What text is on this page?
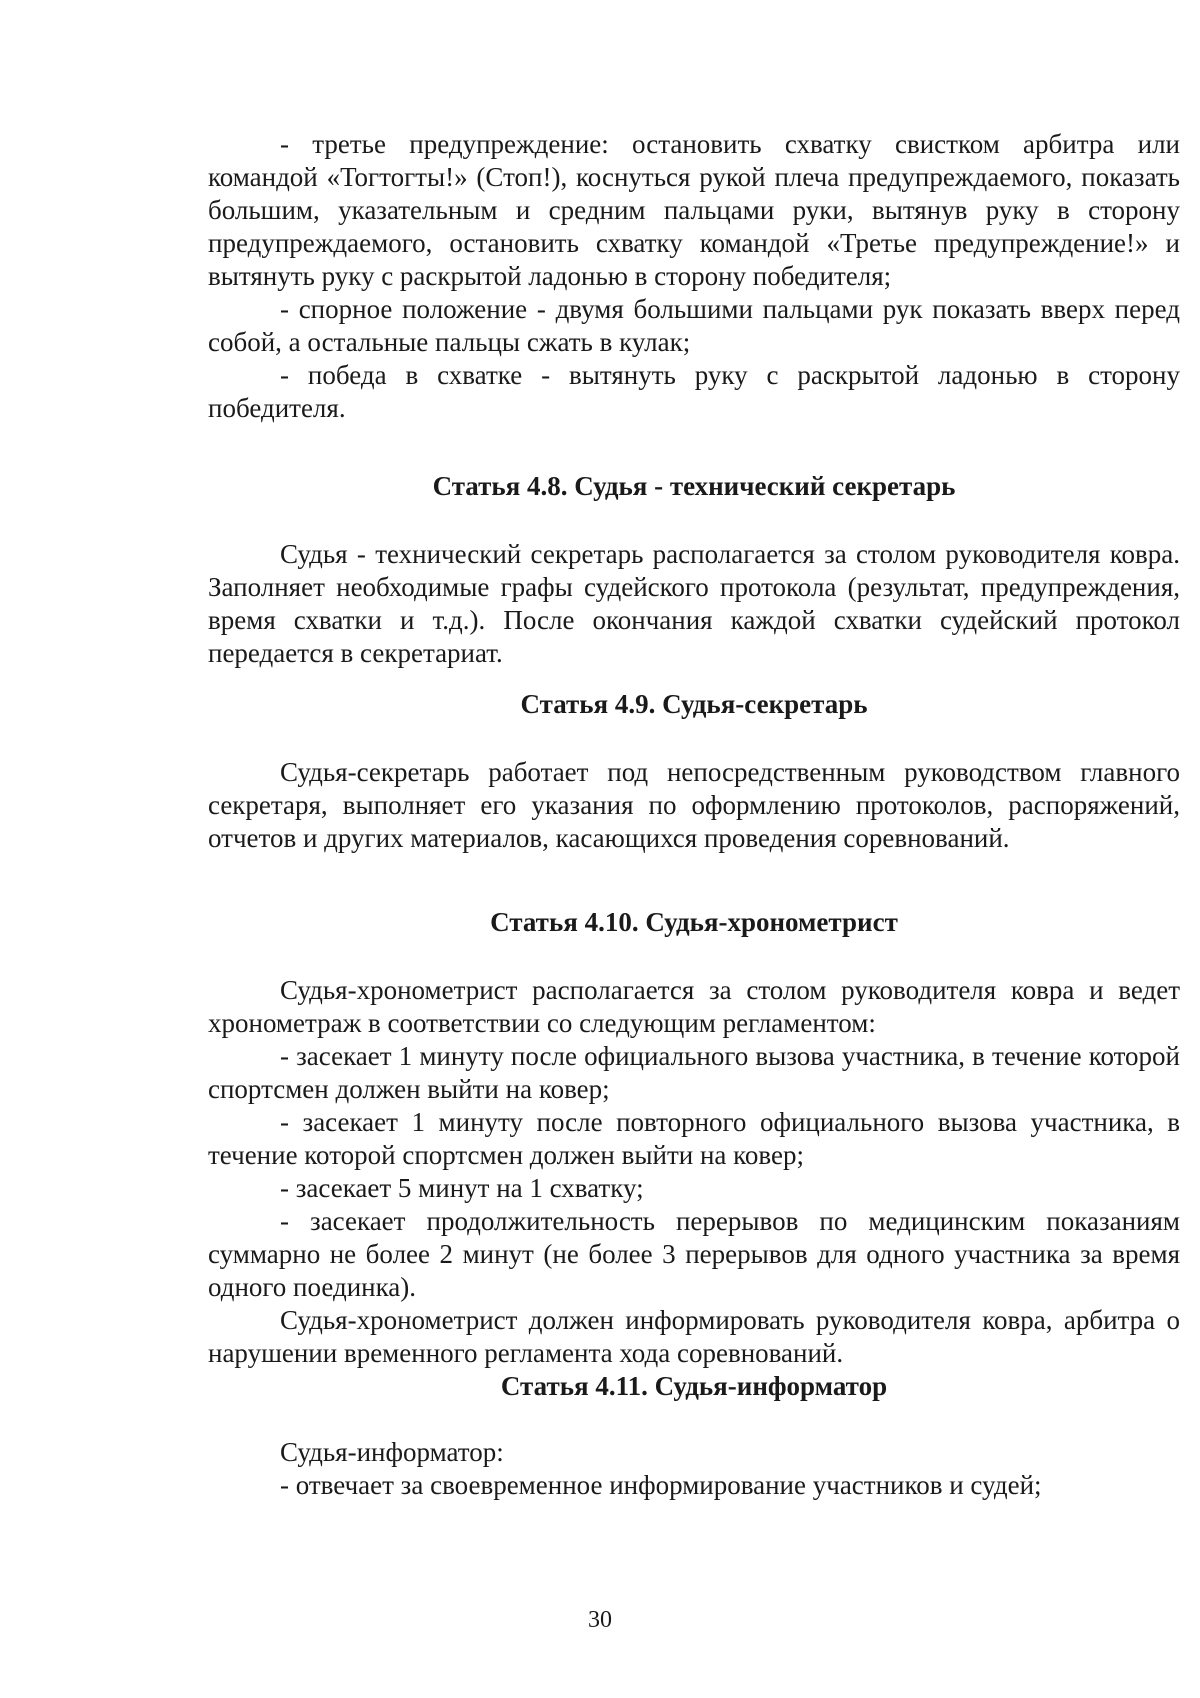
- третье предупреждение: остановить схватку свистком арбитра или командой «Тогтогты!» (Стоп!), коснуться рукой плеча предупреждаемого, показать большим, указательным и средним пальцами руки, вытянув руку в сторону предупреждаемого, остановить схватку командой «Третье предупреждение!» и вытянуть руку с раскрытой ладонью в сторону победителя;

- спорное положение - двумя большими пальцами рук показать вверх перед собой, а остальные пальцы сжать в кулак;

- победа в схватке - вытянуть руку с раскрытой ладонью в сторону победителя.

Статья 4.8. Судья - технический секретарь

Судья - технический секретарь располагается за столом руководителя ковра. Заполняет необходимые графы судейского протокола (результат, предупреждения, время схватки и т.д.). После окончания каждой схватки судейский протокол передается в секретариат.

Статья 4.9. Судья-секретарь

Судья-секретарь работает под непосредственным руководством главного секретаря, выполняет его указания по оформлению протоколов, распоряжений, отчетов и других материалов, касающихся проведения соревнований.

Статья 4.10. Судья-хронометрист

Судья-хронометрист располагается за столом руководителя ковра и ведет хронометраж в соответствии со следующим регламентом:

- засекает 1 минуту после официального вызова участника, в течение которой спортсмен должен выйти на ковер;

- засекает 1 минуту после повторного официального вызова участника, в течение которой спортсмен должен выйти на ковер;

- засекает 5 минут на 1 схватку;

- засекает продолжительность перерывов по медицинским показаниям суммарно не более 2 минут (не более 3 перерывов для одного участника за время одного поединка).

Судья-хронометрист должен информировать руководителя ковра, арбитра о нарушении временного регламента хода соревнований.

Статья 4.11. Судья-информатор

Судья-информатор:

- отвечает за своевременное информирование участников и судей;

30
